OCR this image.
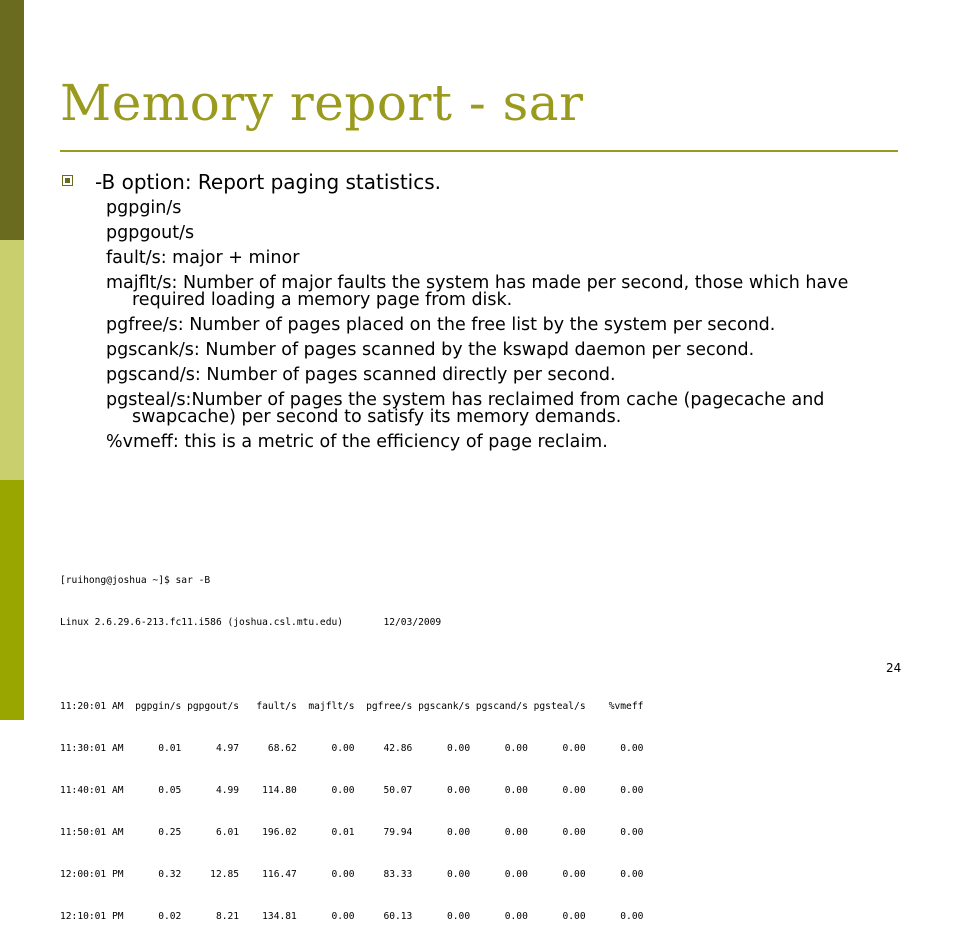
Memory report - sar
-B option: Report paging statistics.
pgpgin/s
pgpgout/s
fault/s: major + minor
majflt/s: Number of major faults the system has made per second, those which have required loading a memory page from disk.
pgfree/s: Number of pages placed on the free list by the system per second.
pgscank/s: Number of pages scanned by the kswapd daemon per second.
pgscand/s: Number of pages scanned directly per second.
pgsteal/s:Number of pages the system has reclaimed from cache (pagecache and swapcache) per second to satisfy its memory demands.
%vmeff: this is a metric of the efficiency of page reclaim.

[ruihong@joshua ~]$ sar -B

Linux 2.6.29.6-213.fc11.i586 (joshua.csl.mtu.edu)       12/03/2009

11:20:01 AM  pgpgin/s pgpgout/s   fault/s  majflt/s  pgfree/s pgscank/s pgscand/s pgsteal/s    %vmeff

11:30:01 AM      0.01      4.97     68.62      0.00     42.86      0.00      0.00      0.00      0.00

11:40:01 AM      0.05      4.99    114.80      0.00     50.07      0.00      0.00      0.00      0.00

11:50:01 AM      0.25      6.01    196.02      0.01     79.94      0.00      0.00      0.00      0.00

12:00:01 PM      0.32     12.85    116.47      0.00     83.33      0.00      0.00      0.00      0.00

12:10:01 PM      0.02      8.21    134.81      0.00     60.13      0.00      0.00      0.00      0.00

24
